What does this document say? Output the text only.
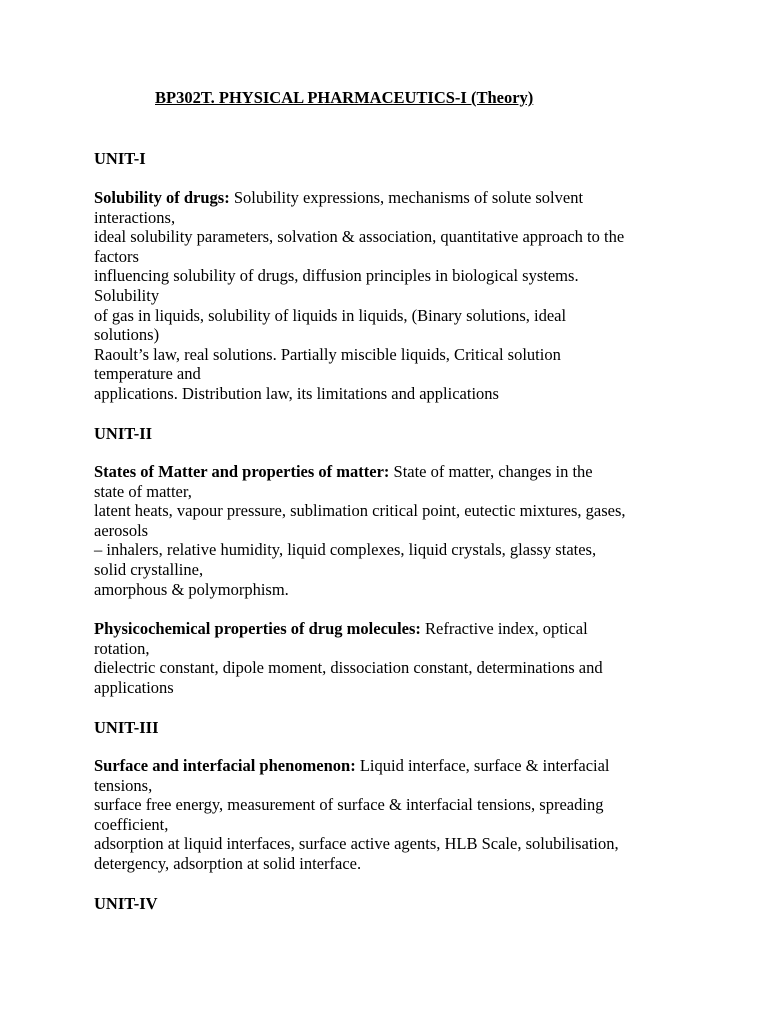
BP302T. PHYSICAL PHARMACEUTICS-I (Theory)
UNIT-I

Solubility of drugs: Solubility expressions, mechanisms of solute solvent
interactions,
ideal solubility parameters, solvation & association, quantitative approach to the
factors
influencing solubility of drugs, diffusion principles in biological systems.
Solubility
of gas in liquids, solubility of liquids in liquids, (Binary solutions, ideal
solutions)
Raoult’s law, real solutions. Partially miscible liquids, Critical solution
temperature and
applications. Distribution law, its limitations and applications

UNIT-II

States of Matter and properties of matter: State of matter, changes in the
state of matter,
latent heats, vapour pressure, sublimation critical point, eutectic mixtures, gases,
aerosols
– inhalers, relative humidity, liquid complexes, liquid crystals, glassy states,
solid crystalline,
amorphous & polymorphism.

Physicochemical properties of drug molecules: Refractive index, optical
rotation,
dielectric constant, dipole moment, dissociation constant, determinations and
applications

UNIT-III

Surface and interfacial phenomenon: Liquid interface, surface & interfacial
tensions,
surface free energy, measurement of surface & interfacial tensions, spreading
coefficient,
adsorption at liquid interfaces, surface active agents, HLB Scale, solubilisation,
detergency, adsorption at solid interface.

UNIT-IV
